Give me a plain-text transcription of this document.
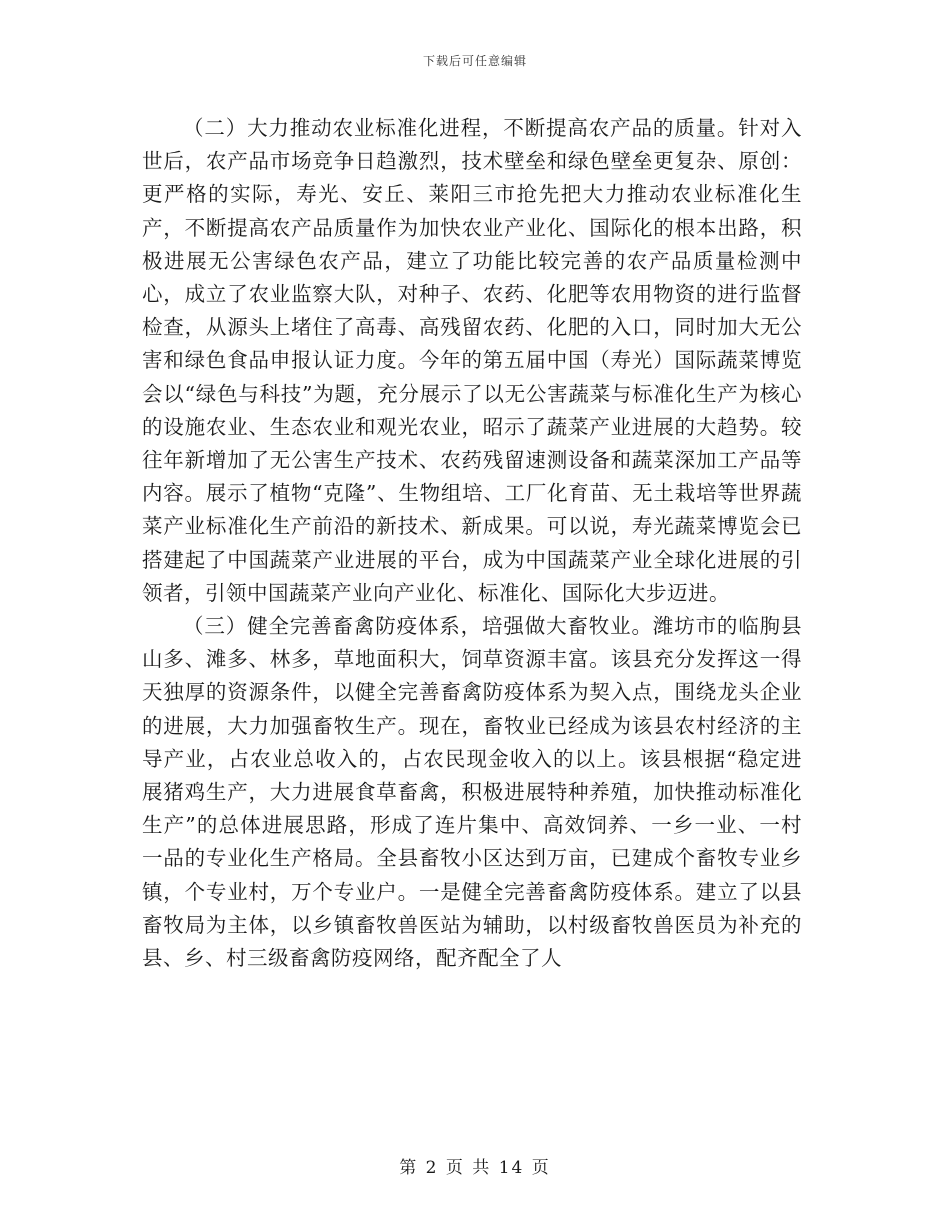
下载后可任意编辑

（二）大力推动农业标准化进程，不断提高农产品的质量。针对入世后，农产品市场竞争日趋激烈，技术壁垒和绿色壁垒更复杂、原创：更严格的实际，寿光、安丘、莱阳三市抢先把大力推动农业标准化生产，不断提高农产品质量作为加快农业产业化、国际化的根本出路，积极进展无公害绿色农产品，建立了功能比较完善的农产品质量检测中心，成立了农业监察大队，对种子、农药、化肥等农用物资的进行监督检查，从源头上堵住了高毒、高残留农药、化肥的入口，同时加大无公害和绿色食品申报认证力度。今年的第五届中国（寿光）国际蔬菜博览会以“绿色与科技”为题，充分展示了以无公害蔬菜与标准化生产为核心的设施农业、生态农业和观光农业，昭示了蔬菜产业进展的大趋势。较往年新增加了无公害生产技术、农药残留速测设备和蔬菜深加工产品等内容。展示了植物“克隆”、生物组培、工厂化育苗、无土栽培等世界蔬菜产业标准化生产前沿的新技术、新成果。可以说，寿光蔬菜博览会已搭建起了中国蔬菜产业进展的平台，成为中国蔬菜产业全球化进展的引领者，引领中国蔬菜产业向产业化、标准化、国际化大步迈进。

（三）健全完善畜禽防疫体系，培强做大畜牧业。潍坊市的临朐县山多、滩多、林多，草地面积大，饲草资源丰富。该县充分发挥这一得天独厚的资源条件，以健全完善畜禽防疫体系为契入点，围绕龙头企业的进展，大力加强畜牧生产。现在，畜牧业已经成为该县农村经济的主导产业，占农业总收入的，占农民现金收入的以上。该县根据“稳定进展猪鸡生产，大力进展食草畜禽，积极进展特种养殖，加快推动标准化生产”的总体进展思路，形成了连片集中、高效饲养、一乡一业、一村一品的专业化生产格局。全县畜牧小区达到万亩，已建成个畜牧专业乡镇，个专业村，万个专业户。一是健全完善畜禽防疫体系。建立了以县畜牧局为主体，以乡镇畜牧兽医站为辅助，以村级畜牧兽医员为补充的县、乡、村三级畜禽防疫网络，配齐配全了人

第 2 页 共 14 页
